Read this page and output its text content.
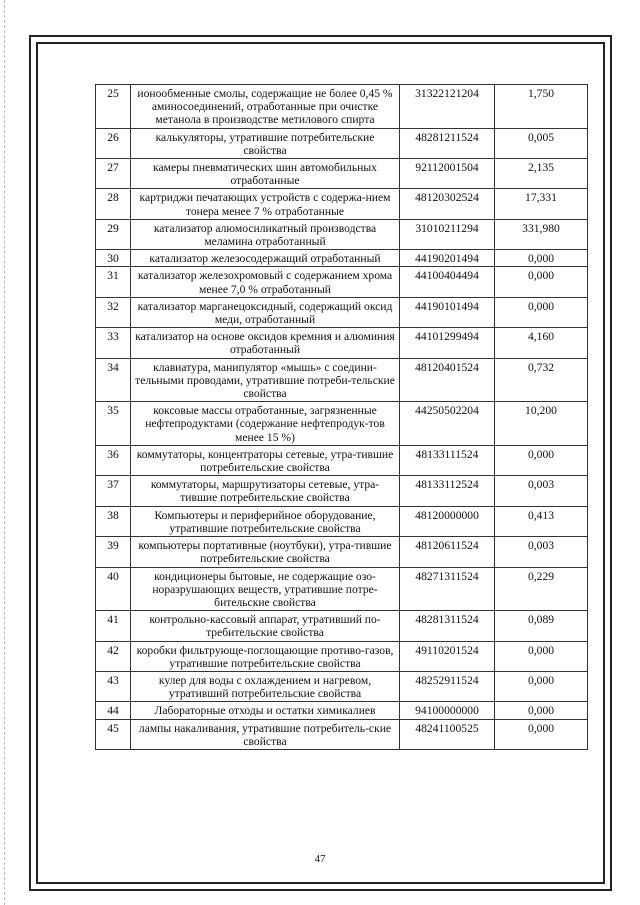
25	ионообменные смолы, содержащие не более 0,45 % аминосоединений, отработанные при очистке метанола в производстве метилового спирта	31322121204	1,750
26	калькуляторы, утратившие потребительские свойства	48281211524	0,005
27	камеры пневматических шин автомобильных отработанные	92112001504	2,135
28	картриджи печатающих устройств с содержа-нием тонера менее 7 % отработанные	48120302524	17,331
29	катализатор алюмосиликатный производства меламина отработанный	31010211294	331,980
30	катализатор железосодержащий отработанный	44190201494	0,000
31	катализатор железохромовый с содержанием хрома менее 7,0 % отработанный	44100404494	0,000
32	катализатор марганецоксидный, содержащий оксид меди, отработанный	44190101494	0,000
33	катализатор на основе оксидов кремния и алюминия отработанный	44101299494	4,160
34	клавиатура, манипулятор «мышь» с соедини-тельными проводами, утратившие потреби-тельские свойства	48120401524	0,732
35	коксовые массы отработанные, загрязненные нефтепродуктами (содержание нефтепродук-тов менее 15 %)	44250502204	10,200
36	коммутаторы, концентраторы сетевые, утра-тившие потребительские свойства	48133111524	0,000
37	коммутаторы, маршрутизаторы сетевые, утра-тившие потребительские свойства	48133112524	0,003
38	Компьютеры и периферийное оборудование, утратившие потребительские свойства	48120000000	0,413
39	компьютеры портативные (ноутбуки), утра-тившие потребительские свойства	48120611524	0,003
40	кондиционеры бытовые, не содержащие озо-норазрушающих веществ, утратившие потре-бительские свойства	48271311524	0,229
41	контрольно-кассовый аппарат, утративший по-требительские свойства	48281311524	0,089
42	коробки фильтрующе-поглощающие противо-газов, утратившие потребительские свойства	49110201524	0,000
43	кулер для воды с охлаждением и нагревом, утративший потребительские свойства	48252911524	0,000
44	Лабораторные отходы и остатки химикалиев	94100000000	0,000
45	лампы накаливания, утратившие потребитель-ские свойства	48241100525	0,000
47
